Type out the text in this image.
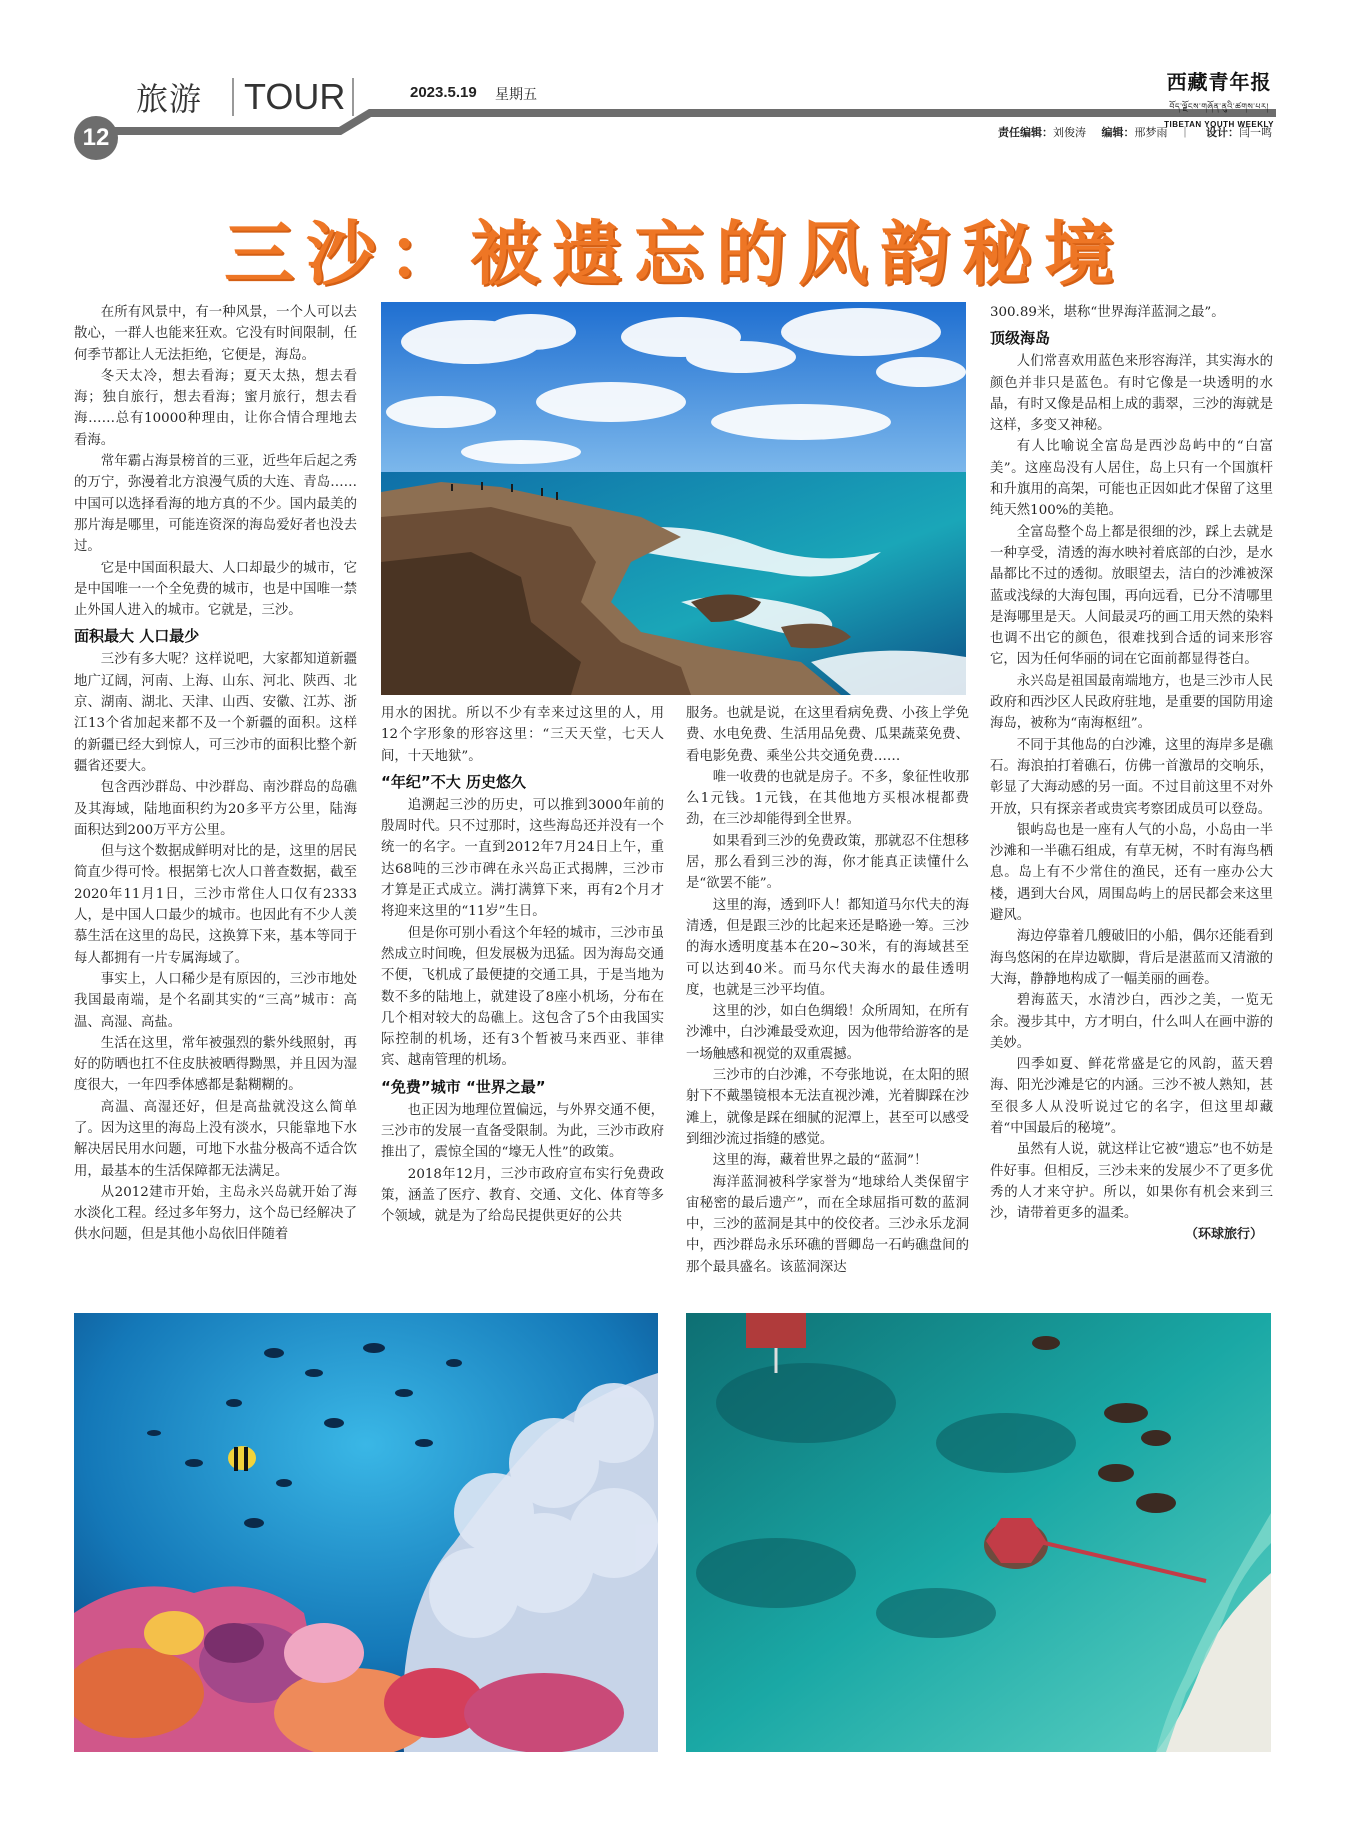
旅游 TOUR	2023.5.19 星期五
西藏青年报
བོད་ལྗོངས་གཞོན་ནུའི་ཚགས་པར།
TIBETAN YOUTH WEEKLY
12	责任编辑：刘俊涛 编辑：邢梦雨 ｜ 设计：闫一鸣
三沙：被遗忘的风韵秘境

在所有风景中，有一种风景，一个人可以去散心，一群人也能来狂欢。它没有时间限制，任何季节都让人无法拒绝，它便是，海岛。

冬天太冷，想去看海；夏天太热，想去看海；独自旅行，想去看海；蜜月旅行，想去看海……总有10000种理由，让你合情合理地去看海。

常年霸占海景榜首的三亚，近些年后起之秀的万宁，弥漫着北方浪漫气质的大连、青岛……中国可以选择看海的地方真的不少。国内最美的那片海是哪里，可能连资深的海岛爱好者也没去过。

它是中国面积最大、人口却最少的城市，它是中国唯一一个全免费的城市，也是中国唯一禁止外国人进入的城市。它就是，三沙。

面积最大 人口最少

三沙有多大呢？这样说吧，大家都知道新疆地广辽阔，河南、上海、山东、河北、陕西、北京、湖南、湖北、天津、山西、安徽、江苏、浙江13个省加起来都不及一个新疆的面积。这样的新疆已经大到惊人，可三沙市的面积比整个新疆省还要大。

包含西沙群岛、中沙群岛、南沙群岛的岛礁及其海域，陆地面积约为20多平方公里，陆海面积达到200万平方公里。

但与这个数据成鲜明对比的是，这里的居民简直少得可怜。根据第七次人口普查数据，截至2020年11月1日，三沙市常住人口仅有2333人，是中国人口最少的城市。也因此有不少人羡慕生活在这里的岛民，这换算下来，基本等同于每人都拥有一片专属海域了。

事实上，人口稀少是有原因的，三沙市地处我国最南端，是个名副其实的“三高”城市：高温、高湿、高盐。

生活在这里，常年被强烈的紫外线照射，再好的防晒也扛不住皮肤被晒得黝黑，并且因为湿度很大，一年四季体感都是黏糊糊的。

高温、高湿还好，但是高盐就没这么简单了。因为这里的海岛上没有淡水，只能靠地下水解决居民用水问题，可地下水盐分极高不适合饮用，最基本的生活保障都无法满足。

从2012建市开始，主岛永兴岛就开始了海水淡化工程。经过多年努力，这个岛已经解决了供水问题，但是其他小岛依旧伴随着

用水的困扰。所以不少有幸来过这里的人，用12个字形象的形容这里：“三天天堂，七天人间，十天地狱”。

“年纪”不大 历史悠久

追溯起三沙的历史，可以推到3000年前的殷周时代。只不过那时，这些海岛还并没有一个统一的名字。一直到2012年7月24日上午，重达68吨的三沙市碑在永兴岛正式揭牌，三沙市才算是正式成立。满打满算下来，再有2个月才将迎来这里的“11岁”生日。

但是你可别小看这个年轻的城市，三沙市虽然成立时间晚，但发展极为迅猛。因为海岛交通不便，飞机成了最便捷的交通工具，于是当地为数不多的陆地上，就建设了8座小机场，分布在几个相对较大的岛礁上。这包含了5个由我国实际控制的机场，还有3个暂被马来西亚、菲律宾、越南管理的机场。

“免费”城市 “世界之最”

也正因为地理位置偏远，与外界交通不便，三沙市的发展一直备受限制。为此，三沙市政府推出了，震惊全国的“壕无人性”的政策。

2018年12月，三沙市政府宣布实行免费政策，涵盖了医疗、教育、交通、文化、体育等多个领域，就是为了给岛民提供更好的公共

服务。也就是说，在这里看病免费、小孩上学免费、水电免费、生活用品免费、瓜果蔬菜免费、看电影免费、乘坐公共交通免费……

唯一收费的也就是房子。不多，象征性收那么1元钱。1元钱，在其他地方买根冰棍都费劲，在三沙却能得到全世界。

如果看到三沙的免费政策，那就忍不住想移居，那么看到三沙的海，你才能真正读懂什么是“欲罢不能”。

这里的海，透到吓人！都知道马尔代夫的海清透，但是跟三沙的比起来还是略逊一筹。三沙的海水透明度基本在20~30米，有的海域甚至可以达到40米。而马尔代夫海水的最佳透明度，也就是三沙平均值。

这里的沙，如白色绸缎！众所周知，在所有沙滩中，白沙滩最受欢迎，因为他带给游客的是一场触感和视觉的双重震撼。

三沙市的白沙滩，不夸张地说，在太阳的照射下不戴墨镜根本无法直视沙滩，光着脚踩在沙滩上，就像是踩在细腻的泥潭上，甚至可以感受到细沙流过指缝的感觉。

这里的海，藏着世界之最的“蓝洞”！

海洋蓝洞被科学家誉为“地球给人类保留宇宙秘密的最后遗产”，而在全球屈指可数的蓝洞中，三沙的蓝洞是其中的佼佼者。三沙永乐龙洞中，西沙群岛永乐环礁的晋卿岛一石屿礁盘间的那个最具盛名。该蓝洞深达

300.89米，堪称“世界海洋蓝洞之最”。

顶级海岛

人们常喜欢用蓝色来形容海洋，其实海水的颜色并非只是蓝色。有时它像是一块透明的水晶，有时又像是品相上成的翡翠，三沙的海就是这样，多变又神秘。

有人比喻说全富岛是西沙岛屿中的“白富美”。这座岛没有人居住，岛上只有一个国旗杆和升旗用的高架，可能也正因如此才保留了这里纯天然100%的美艳。

全富岛整个岛上都是很细的沙，踩上去就是一种享受，清透的海水映衬着底部的白沙，是水晶都比不过的透彻。放眼望去，洁白的沙滩被深蓝或浅绿的大海包围，再向远看，已分不清哪里是海哪里是天。人间最灵巧的画工用天然的染料也调不出它的颜色，很难找到合适的词来形容它，因为任何华丽的词在它面前都显得苍白。

永兴岛是祖国最南端地方，也是三沙市人民政府和西沙区人民政府驻地，是重要的国防用途海岛，被称为“南海枢纽”。

不同于其他岛的白沙滩，这里的海岸多是礁石。海浪拍打着礁石，仿佛一首激昂的交响乐，彰显了大海动感的另一面。不过目前这里不对外开放，只有探亲者或贵宾考察团成员可以登岛。

银屿岛也是一座有人气的小岛，小岛由一半沙滩和一半礁石组成，有草无树，不时有海鸟栖息。岛上有不少常住的渔民，还有一座办公大楼，遇到大台风，周围岛屿上的居民都会来这里避风。

海边停靠着几艘破旧的小船，偶尔还能看到海鸟悠闲的在岸边歇脚，背后是湛蓝而又清澈的大海，静静地构成了一幅美丽的画卷。

碧海蓝天，水清沙白，西沙之美，一览无余。漫步其中，方才明白，什么叫人在画中游的美妙。

四季如夏、鲜花常盛是它的风韵，蓝天碧海、阳光沙滩是它的内涵。三沙不被人熟知，甚至很多人从没听说过它的名字，但这里却藏着“中国最后的秘境”。

虽然有人说，就这样让它被“遗忘”也不妨是件好事。但相反，三沙未来的发展少不了更多优秀的人才来守护。所以，如果你有机会来到三沙，请带着更多的温柔。

（环球旅行）
